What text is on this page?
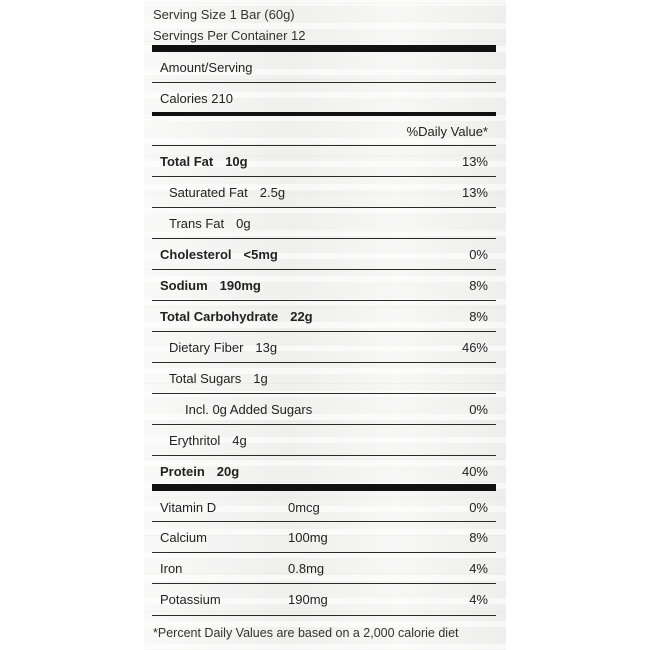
Serving Size 1 Bar (60g)
Servings Per Container 12
Amount/Serving
Calories 210
%Daily Value*
Total Fat 10g	13%
Saturated Fat 2.5g	13%
Trans Fat 0g
Cholesterol <5mg	0%
Sodium 190mg	8%
Total Carbohydrate 22g	8%
Dietary Fiber 13g	46%
Total Sugars 1g
Incl. 0g Added Sugars	0%
Erythritol 4g
Protein 20g	40%
Vitamin D	0mcg	0%
Calcium	100mg	8%
Iron	0.8mg	4%
Potassium	190mg	4%
*Percent Daily Values are based on a 2,000 calorie diet
